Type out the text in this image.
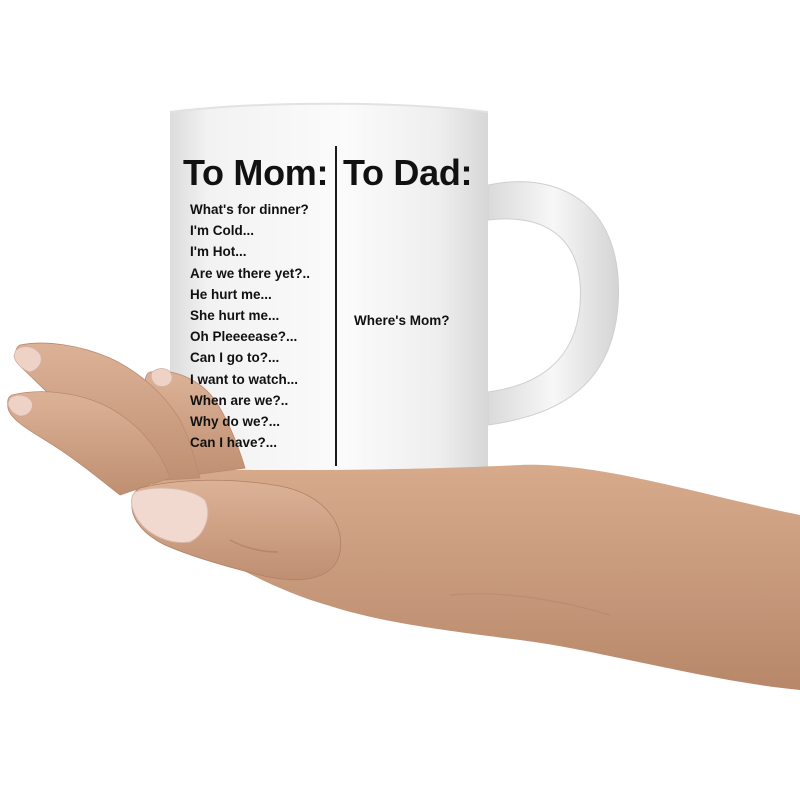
To Mom: To Dad:
What's for dinner?
I'm Cold...
I'm Hot...
Are we there yet?..
He hurt me...
She hurt me...
Oh Pleeeease?...
Can I go to?...
I want to watch...
When are we?..
Why do we?...
Can I have?...

Where's Mom?
